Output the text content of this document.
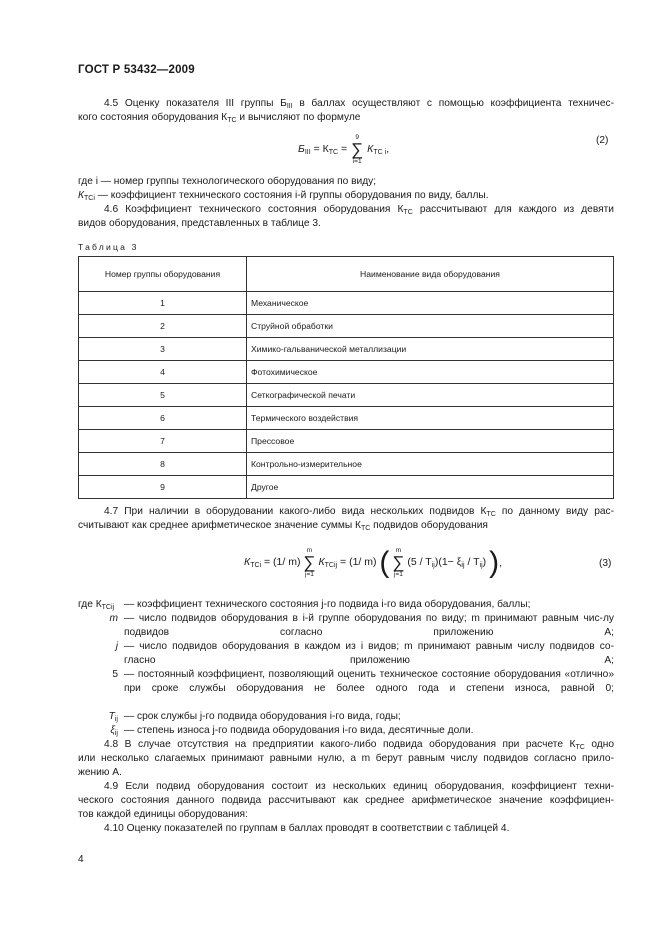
ГОСТ Р 53432—2009
4.5 Оценку показателя III группы $Б_{III}$ в баллах осуществляют с помощью коэффициента техничес-
кого состояния оборудования $К_{ТС}$ и вычисляют по формуле
$Б_{III} = К_{ТС}$ =
9
∑
i=1
$К_{ТС i}$,
(2)
где i — номер группы технологического оборудования по виду;
$К_{ТСi}$ — коэффициент технического состояния i-й группы оборудования по виду, баллы.
4.6 Коэффициент технического состояния оборудования $К_{ТС}$ рассчитывают для каждого из девяти
видов оборудования, представленных в таблице 3.
Таблица 3
Номер группы оборудования	Наименование вида оборудования
1	Механическое
2	Струйной обработки
3	Химико-гальванической металлизации
4	Фотохимическое
5	Сеткографической печати
6	Термического воздействия
7	Прессовое
8	Контрольно-измерительное
9	Другое
4.7 При наличии в оборудовании какого-либо вида нескольких подвидов $К_{ТС}$ по данному виду рас-
считывают как среднее арифметическое значение суммы $К_{ТС}$ подвидов оборудования
$К_{ТСi} = (1/$ m)
m
∑
j=1
$К_{ТСij} = (1/$ m) ( m
∑
j=1
$(5 / T_{ij})(1- \xi_{ij} / T_{ij})$ ),	(3)
где $К_{ТСij}$ — коэффициент технического состояния j-го подвида i-го вида оборудования, баллы;
m — число подвидов оборудования в i-й группе оборудования по виду; m принимают равным чис-лу подвидов согласно приложению А;
j — число подвидов оборудования в каждом из i видов; m принимают равным числу подвидов со-гласно приложению А;
5 — постоянный коэффициент, позволяющий оценить техническое состояние оборудования «отлично» при сроке службы оборудования не более одного года и степени износа, равной 0;
$T_{ij}$ — срок службы j-го подвида оборудования i-го вида, годы;
$\xi_{ij}$ — степень износа j-го подвида оборудования i-го вида, десятичные доли.
4.8 В случае отсутствия на предприятии какого-либо подвида оборудования при расчете $К_{ТС}$ одно
или несколько слагаемых принимают равными нулю, а m берут равным числу подвидов согласно прило-
жению А.
4.9 Если подвид оборудования состоит из нескольких единиц оборудования, коэффициент техни-
ческого состояния данного подвида рассчитывают как среднее арифметическое значение коэффициен-
тов каждой единицы оборудования:
4.10 Оценку показателей по группам в баллах проводят в соответствии с таблицей 4.
4
